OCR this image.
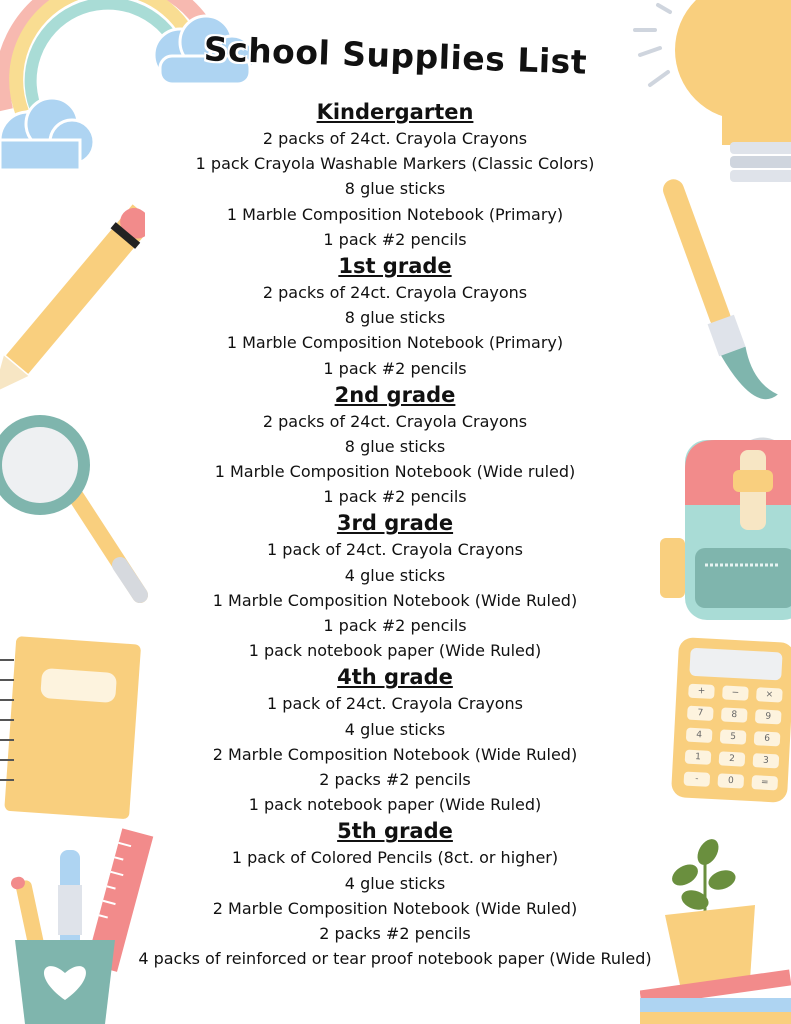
+	−	×
7	8	9
4	5	6
1	2	3
-	0	=
School Supplies List
Kindergarten
2 packs of 24ct. Crayola Crayons
1 pack Crayola Washable Markers (Classic Colors)
8 glue sticks
1 Marble Composition Notebook (Primary)
1 pack #2 pencils
1st grade
2 packs of 24ct. Crayola Crayons
8 glue sticks
1 Marble Composition Notebook (Primary)
1 pack #2 pencils
2nd grade
2 packs of 24ct. Crayola Crayons
8 glue sticks
1 Marble Composition Notebook (Wide ruled)
1 pack #2 pencils
3rd grade
1 pack of 24ct. Crayola Crayons
4 glue sticks
1 Marble Composition Notebook (Wide Ruled)
1 pack #2 pencils
1 pack notebook paper (Wide Ruled)
4th grade
1 pack of 24ct. Crayola Crayons
4 glue sticks
2 Marble Composition Notebook (Wide Ruled)
2 packs #2 pencils
1 pack notebook paper (Wide Ruled)
5th grade
1 pack of Colored Pencils (8ct. or higher)
4 glue sticks
2 Marble Composition Notebook (Wide Ruled)
2 packs #2 pencils
4 packs of reinforced or tear proof notebook paper (Wide Ruled)
